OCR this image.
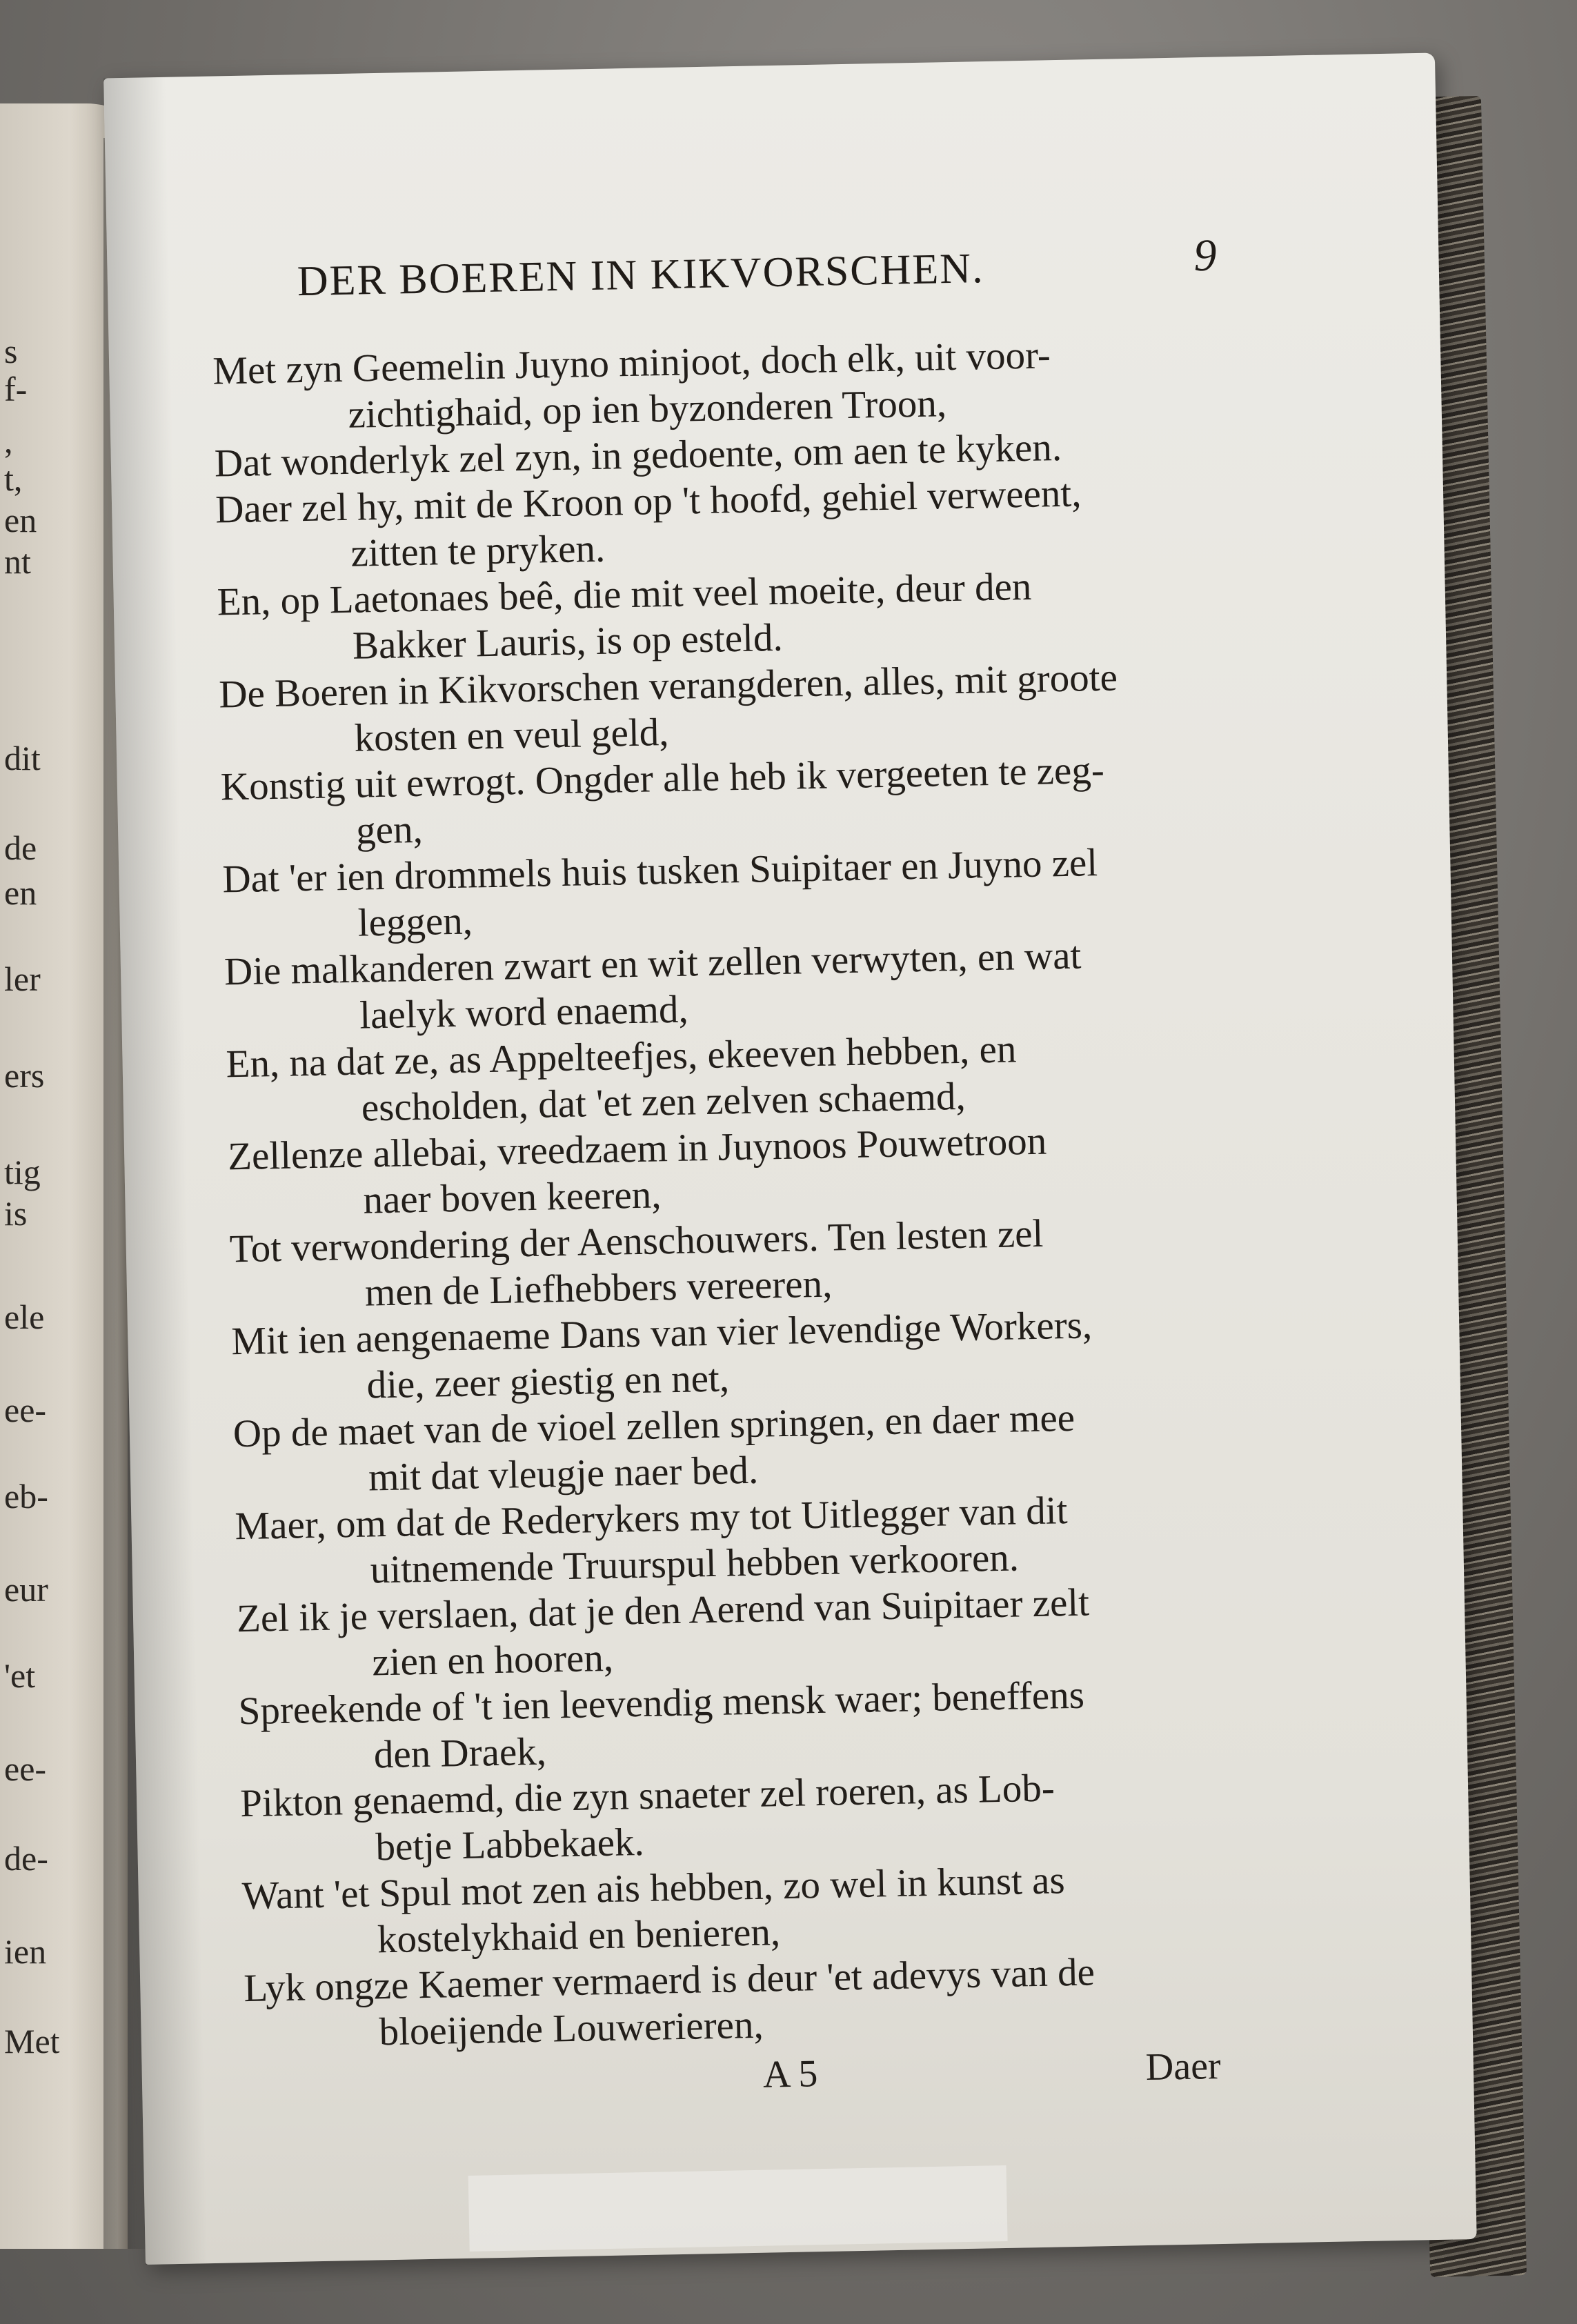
s
f-
,
t,
en
nt
dit
de
en
ler
ers
tig
is
ele
ee-
eb-
eur
'et
ee-
de-
ien
Met
DER BOEREN IN KIKVORSCHEN.	9
Met zyn Geemelin Juyno minjoot, doch elk, uit voor-
zichtighaid, op ien byzonderen Troon,
Dat wonderlyk zel zyn, in gedoente, om aen te kyken.
Daer zel hy, mit de Kroon op 't hoofd, gehiel verweent,
zitten te pryken.
En, op Laetonaes beê, die mit veel moeite, deur den
Bakker Lauris, is op esteld.
De Boeren in Kikvorschen verangderen, alles, mit groote
kosten en veul geld,
Konstig uit ewrogt. Ongder alle heb ik vergeeten te zeg-
gen,
Dat 'er ien drommels huis tusken Suipitaer en Juyno zel
leggen,
Die malkanderen zwart en wit zellen verwyten, en wat
laelyk word enaemd,
En, na dat ze, as Appelteefjes, ekeeven hebben, en
escholden, dat 'et zen zelven schaemd,
Zellenze allebai, vreedzaem in Juynoos Pouwetroon
naer boven keeren,
Tot verwondering der Aenschouwers. Ten lesten zel
men de Liefhebbers vereeren,
Mit ien aengenaeme Dans van vier levendige Workers,
die, zeer giestig en net,
Op de maet van de vioel zellen springen, en daer mee
mit dat vleugje naer bed.
Maer, om dat de Rederykers my tot Uitlegger van dit
uitnemende Truurspul hebben verkooren.
Zel ik je verslaen, dat je den Aerend van Suipitaer zelt
zien en hooren,
Spreekende of 't ien leevendig mensk waer; beneffens
den Draek,
Pikton genaemd, die zyn snaeter zel roeren, as Lob-
betje Labbekaek.
Want 'et Spul mot zen ais hebben, zo wel in kunst as
kostelykhaid en benieren,
Lyk ongze Kaemer vermaerd is deur 'et adevys van de
bloeijende Louwerieren,
A 5	Daer
